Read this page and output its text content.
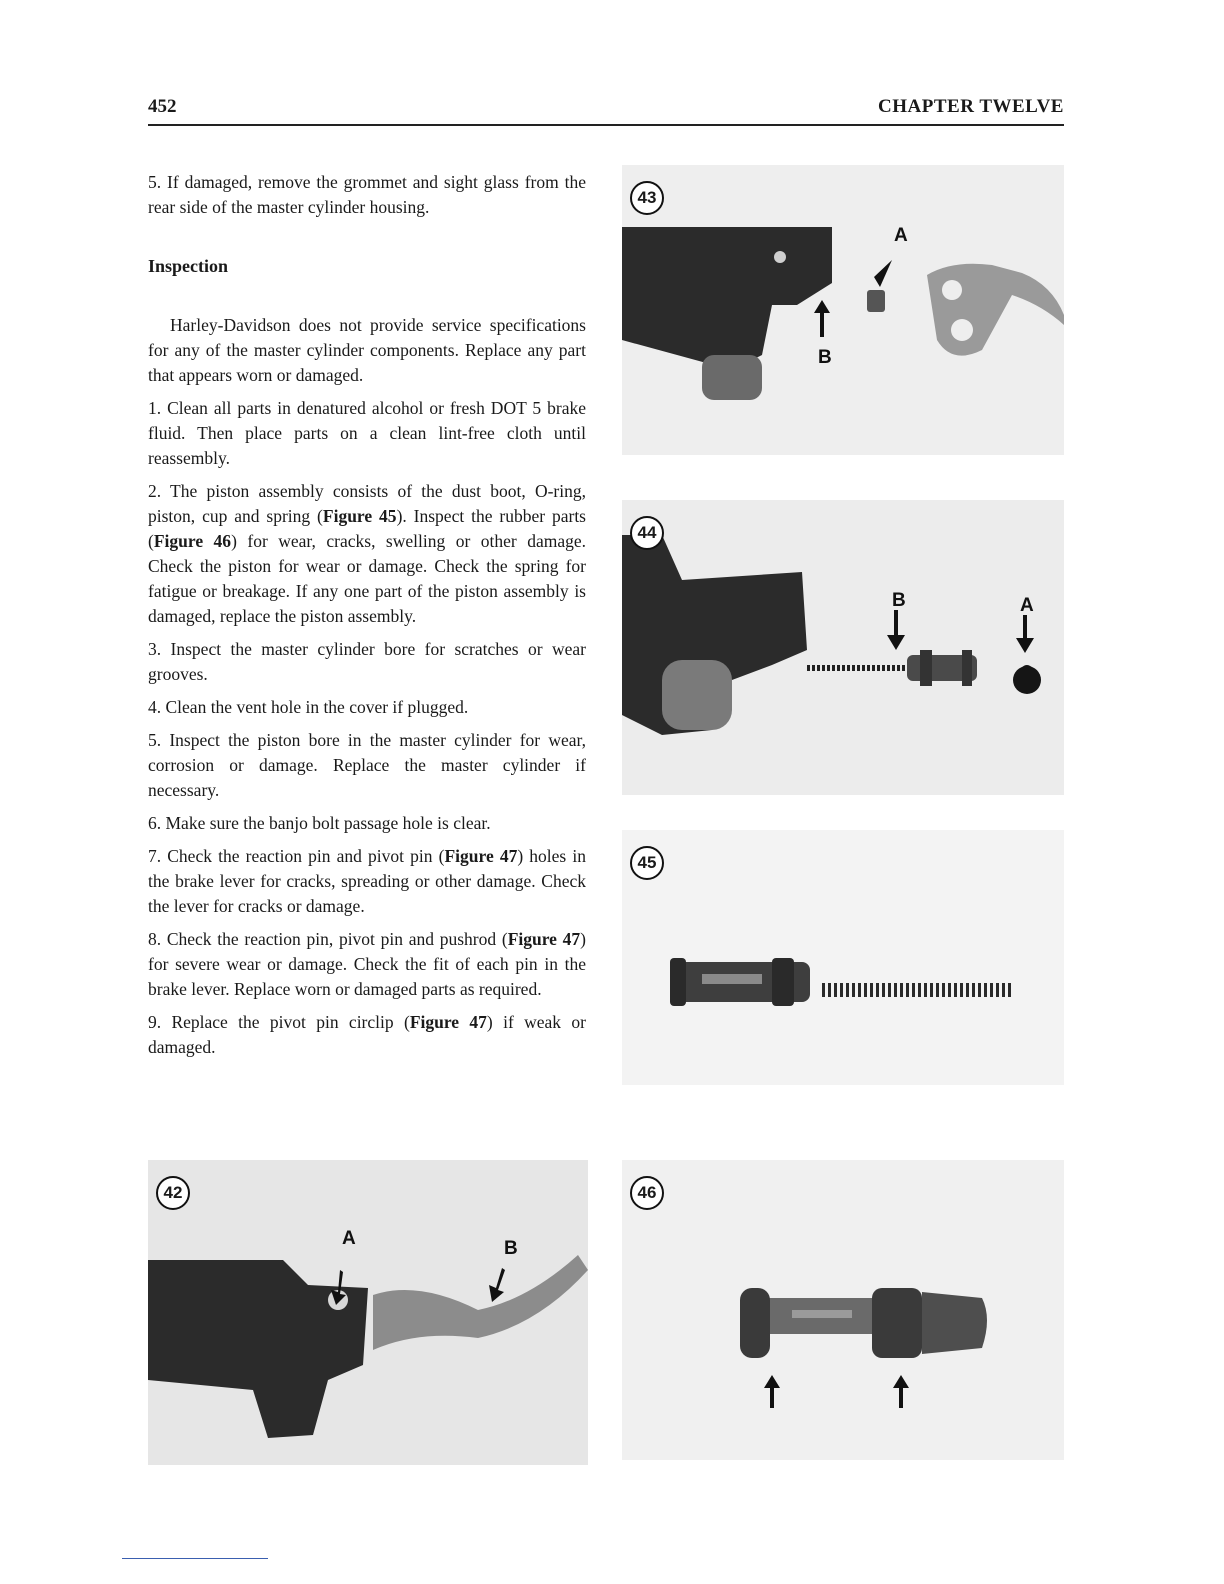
452	CHAPTER TWELVE

5. If damaged, remove the grommet and sight glass from the rear side of the master cylinder housing.

Inspection

Harley-Davidson does not provide service specifications for any of the master cylinder components. Replace any part that appears worn or damaged.

1. Clean all parts in denatured alcohol or fresh DOT 5 brake fluid. Then place parts on a clean lint-free cloth until reassembly.

2. The piston assembly consists of the dust boot, O-ring, piston, cup and spring (Figure 45). Inspect the rubber parts (Figure 46) for wear, cracks, swelling or other damage. Check the piston for wear or damage. Check the spring for fatigue or breakage. If any one part of the piston assembly is damaged, replace the piston assembly.

3. Inspect the master cylinder bore for scratches or wear grooves.

4. Clean the vent hole in the cover if plugged.

5. Inspect the piston bore in the master cylinder for wear, corrosion or damage. Replace the master cylinder if necessary.

6. Make sure the banjo bolt passage hole is clear.

7. Check the reaction pin and pivot pin (Figure 47) holes in the brake lever for cracks, spreading or other damage. Check the lever for cracks or damage.

8. Check the reaction pin, pivot pin and pushrod (Figure 47) for severe wear or damage. Check the fit of each pin in the brake lever. Replace worn or damaged parts as required.

9. Replace the pivot pin circlip (Figure 47) if weak or damaged.

43
A
B
44
B	A
45
46
42
A	B
